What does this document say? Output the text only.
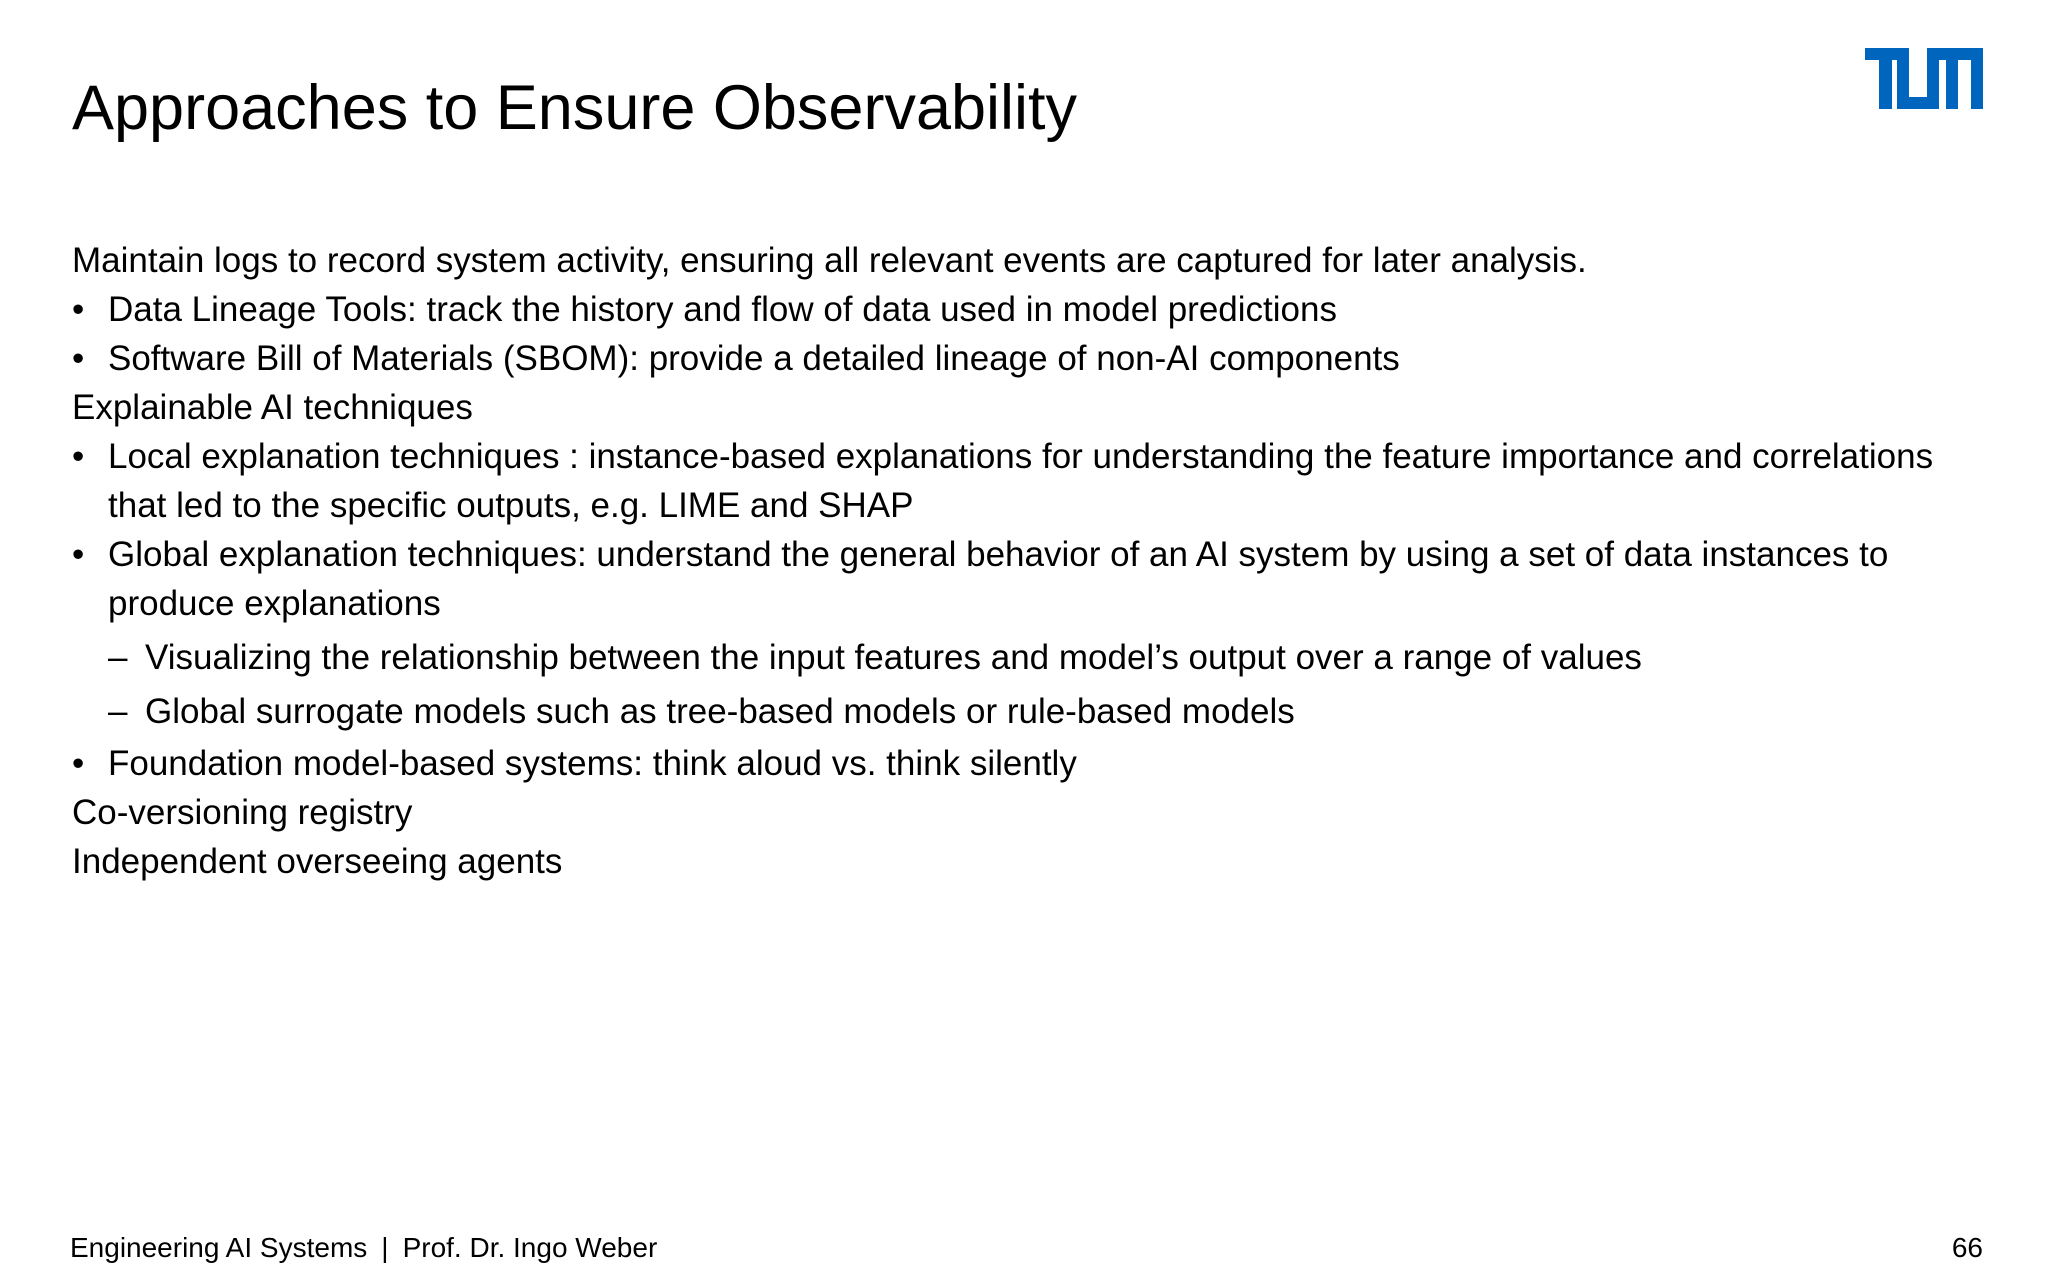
Approaches to Ensure Observability
Maintain logs to record system activity, ensuring all relevant events are captured for later analysis.
• Data Lineage Tools: track the history and flow of data used in model predictions
• Software Bill of Materials (SBOM): provide a detailed lineage of non-AI components
Explainable AI techniques
• Local explanation techniques : instance-based explanations for understanding the feature importance and correlations
that led to the specific outputs, e.g. LIME and SHAP
• Global explanation techniques: understand the general behavior of an AI system by using a set of data instances to
produce explanations
– Visualizing the relationship between the input features and model’s output over a range of values
– Global surrogate models such as tree-based models or rule-based models
• Foundation model-based systems: think aloud vs. think silently
Co-versioning registry
Independent overseeing agents
Engineering AI Systems | Prof. Dr. Ingo Weber	66
